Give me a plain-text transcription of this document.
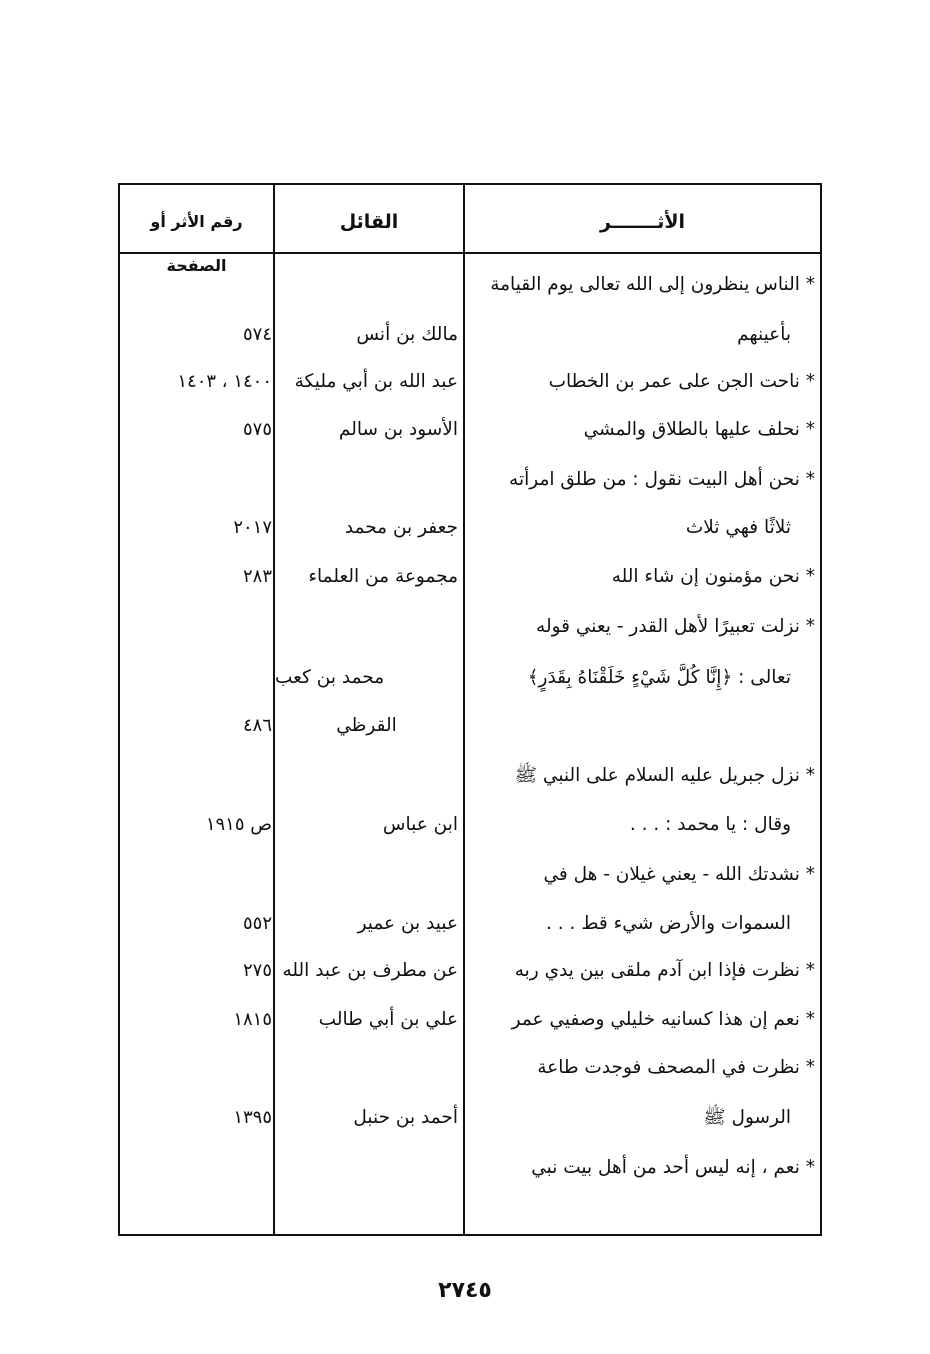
الأثـــــــر
القائل
رقم الأثر أو الصفحة
* الناس ينظرون إلى الله تعالى يوم القيامة
بأعينهم
مالك بن أنس
٥٧٤
* ناحت الجن على عمر بن الخطاب
عبد الله بن أبي مليكة
١٤٠٠ ، ١٤٠٣
* نحلف عليها بالطلاق والمشي
الأسود بن سالم
٥٧٥
* نحن أهل البيت نقول : من طلق امرأته
ثلاثًا فهي ثلاث
جعفر بن محمد
٢٠١٧
* نحن مؤمنون إن شاء الله
مجموعة من العلماء
٢٨٣
* نزلت تعبيرًا لأهل القدر - يعني قوله
تعالى : ﴿إِنَّا كُلَّ شَيْءٍ خَلَقْنَاهُ بِقَدَرٍ﴾
محمد بن كعب
القرظي
٤٨٦
* نزل جبريل عليه السلام على النبي ﷺ
وقال : يا محمد : . . .
ابن عباس
ص ١٩١٥
* نشدتك الله - يعني غيلان - هل في
السموات والأرض شيء قط . . .
عبيد بن عمير
٥٥٢
* نظرت فإذا ابن آدم ملقى بين يدي ربه
عن مطرف بن عبد الله
٢٧٥
* نعم إن هذا كسانيه خليلي وصفيي عمر
علي بن أبي طالب
١٨١٥
* نظرت في المصحف فوجدت طاعة
الرسول ﷺ
أحمد بن حنبل
١٣٩٥
* نعم ، إنه ليس أحد من أهل بيت نبي
٢٧٤٥
